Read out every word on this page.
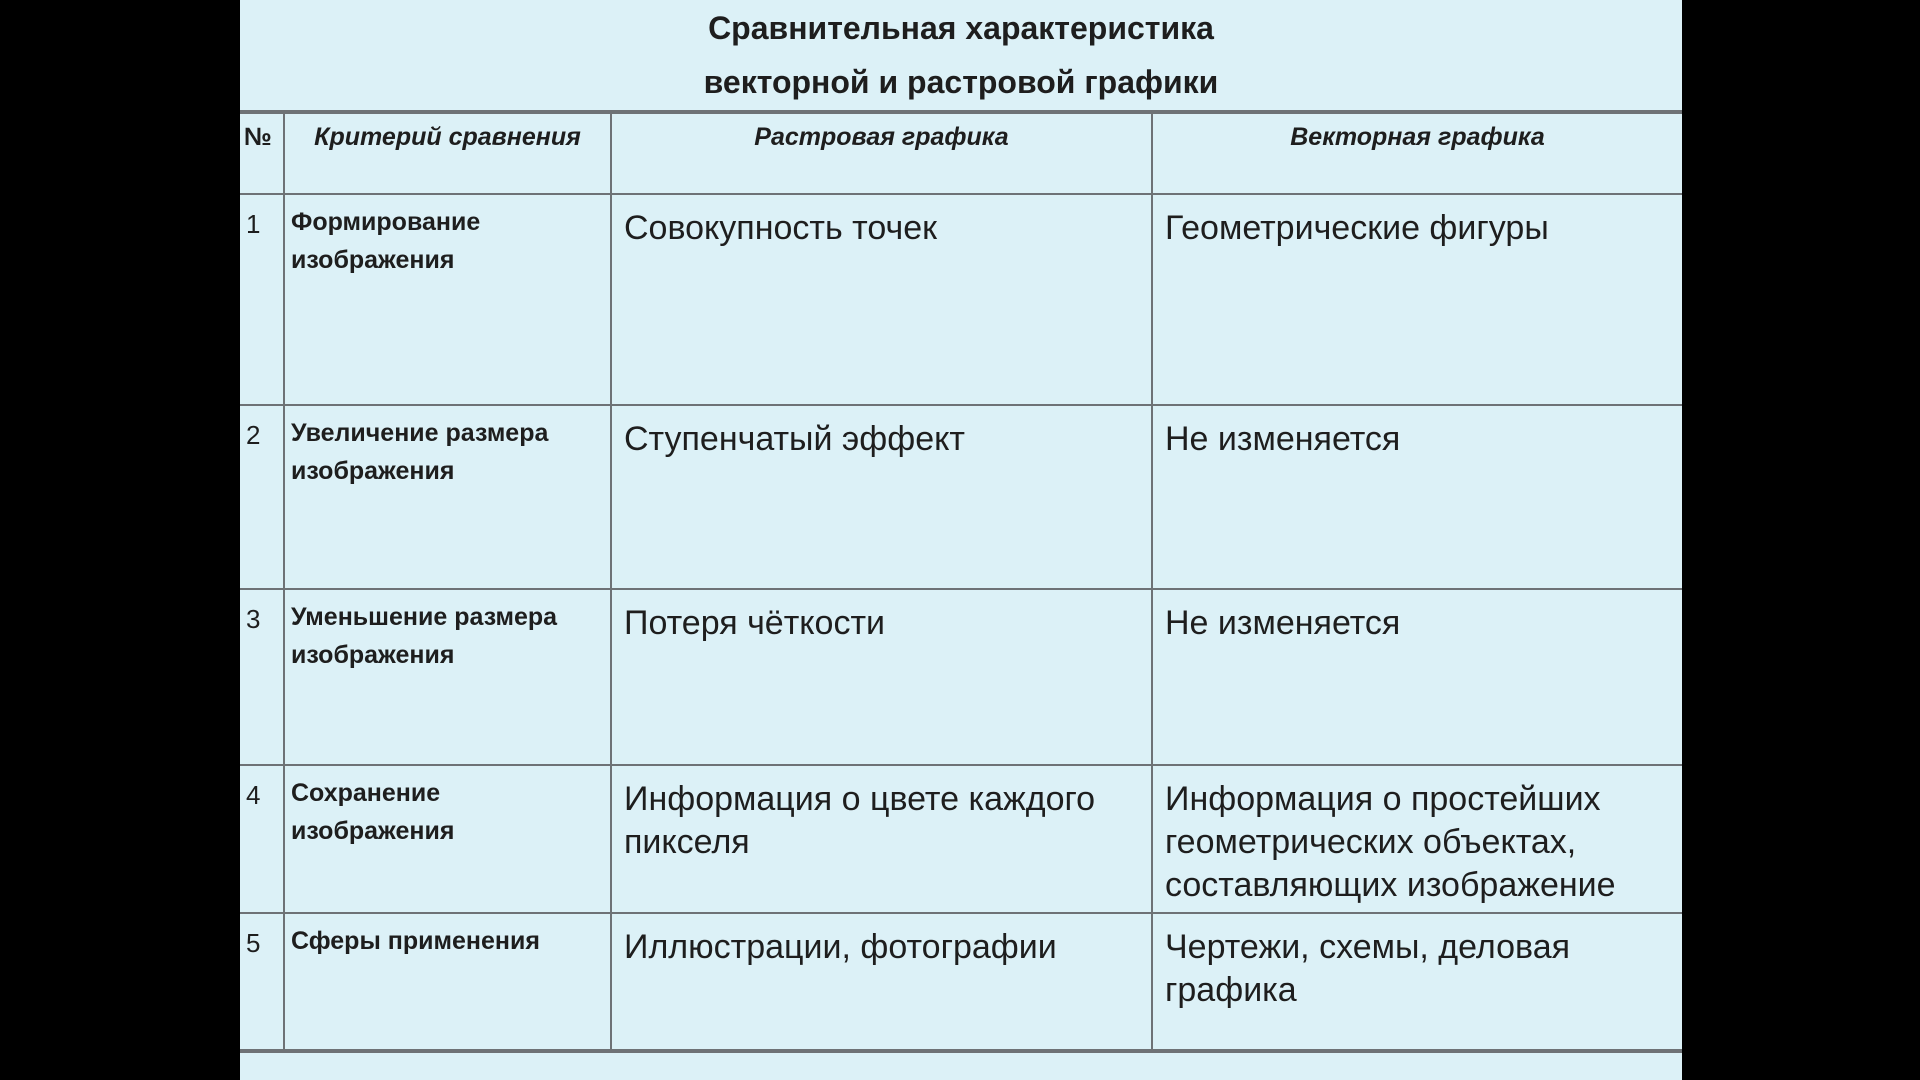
Сравнительная характеристика
векторной и растровой графики
№	Критерий сравнения	Растровая графика	Векторная графика
1	Формирование изображения	Совокупность точек	Геометрические фигуры
2	Увеличение размера изображения	Ступенчатый эффект	Не изменяется
3	Уменьшение размера изображения	Потеря чёткости	Не изменяется
4	Сохранение изображения	Информация о цвете каждого пикселя	Информация о простейших геометрических объектах, составляющих изображение
5	Сферы применения	Иллюстрации, фотографии	Чертежи, схемы, деловая графика
